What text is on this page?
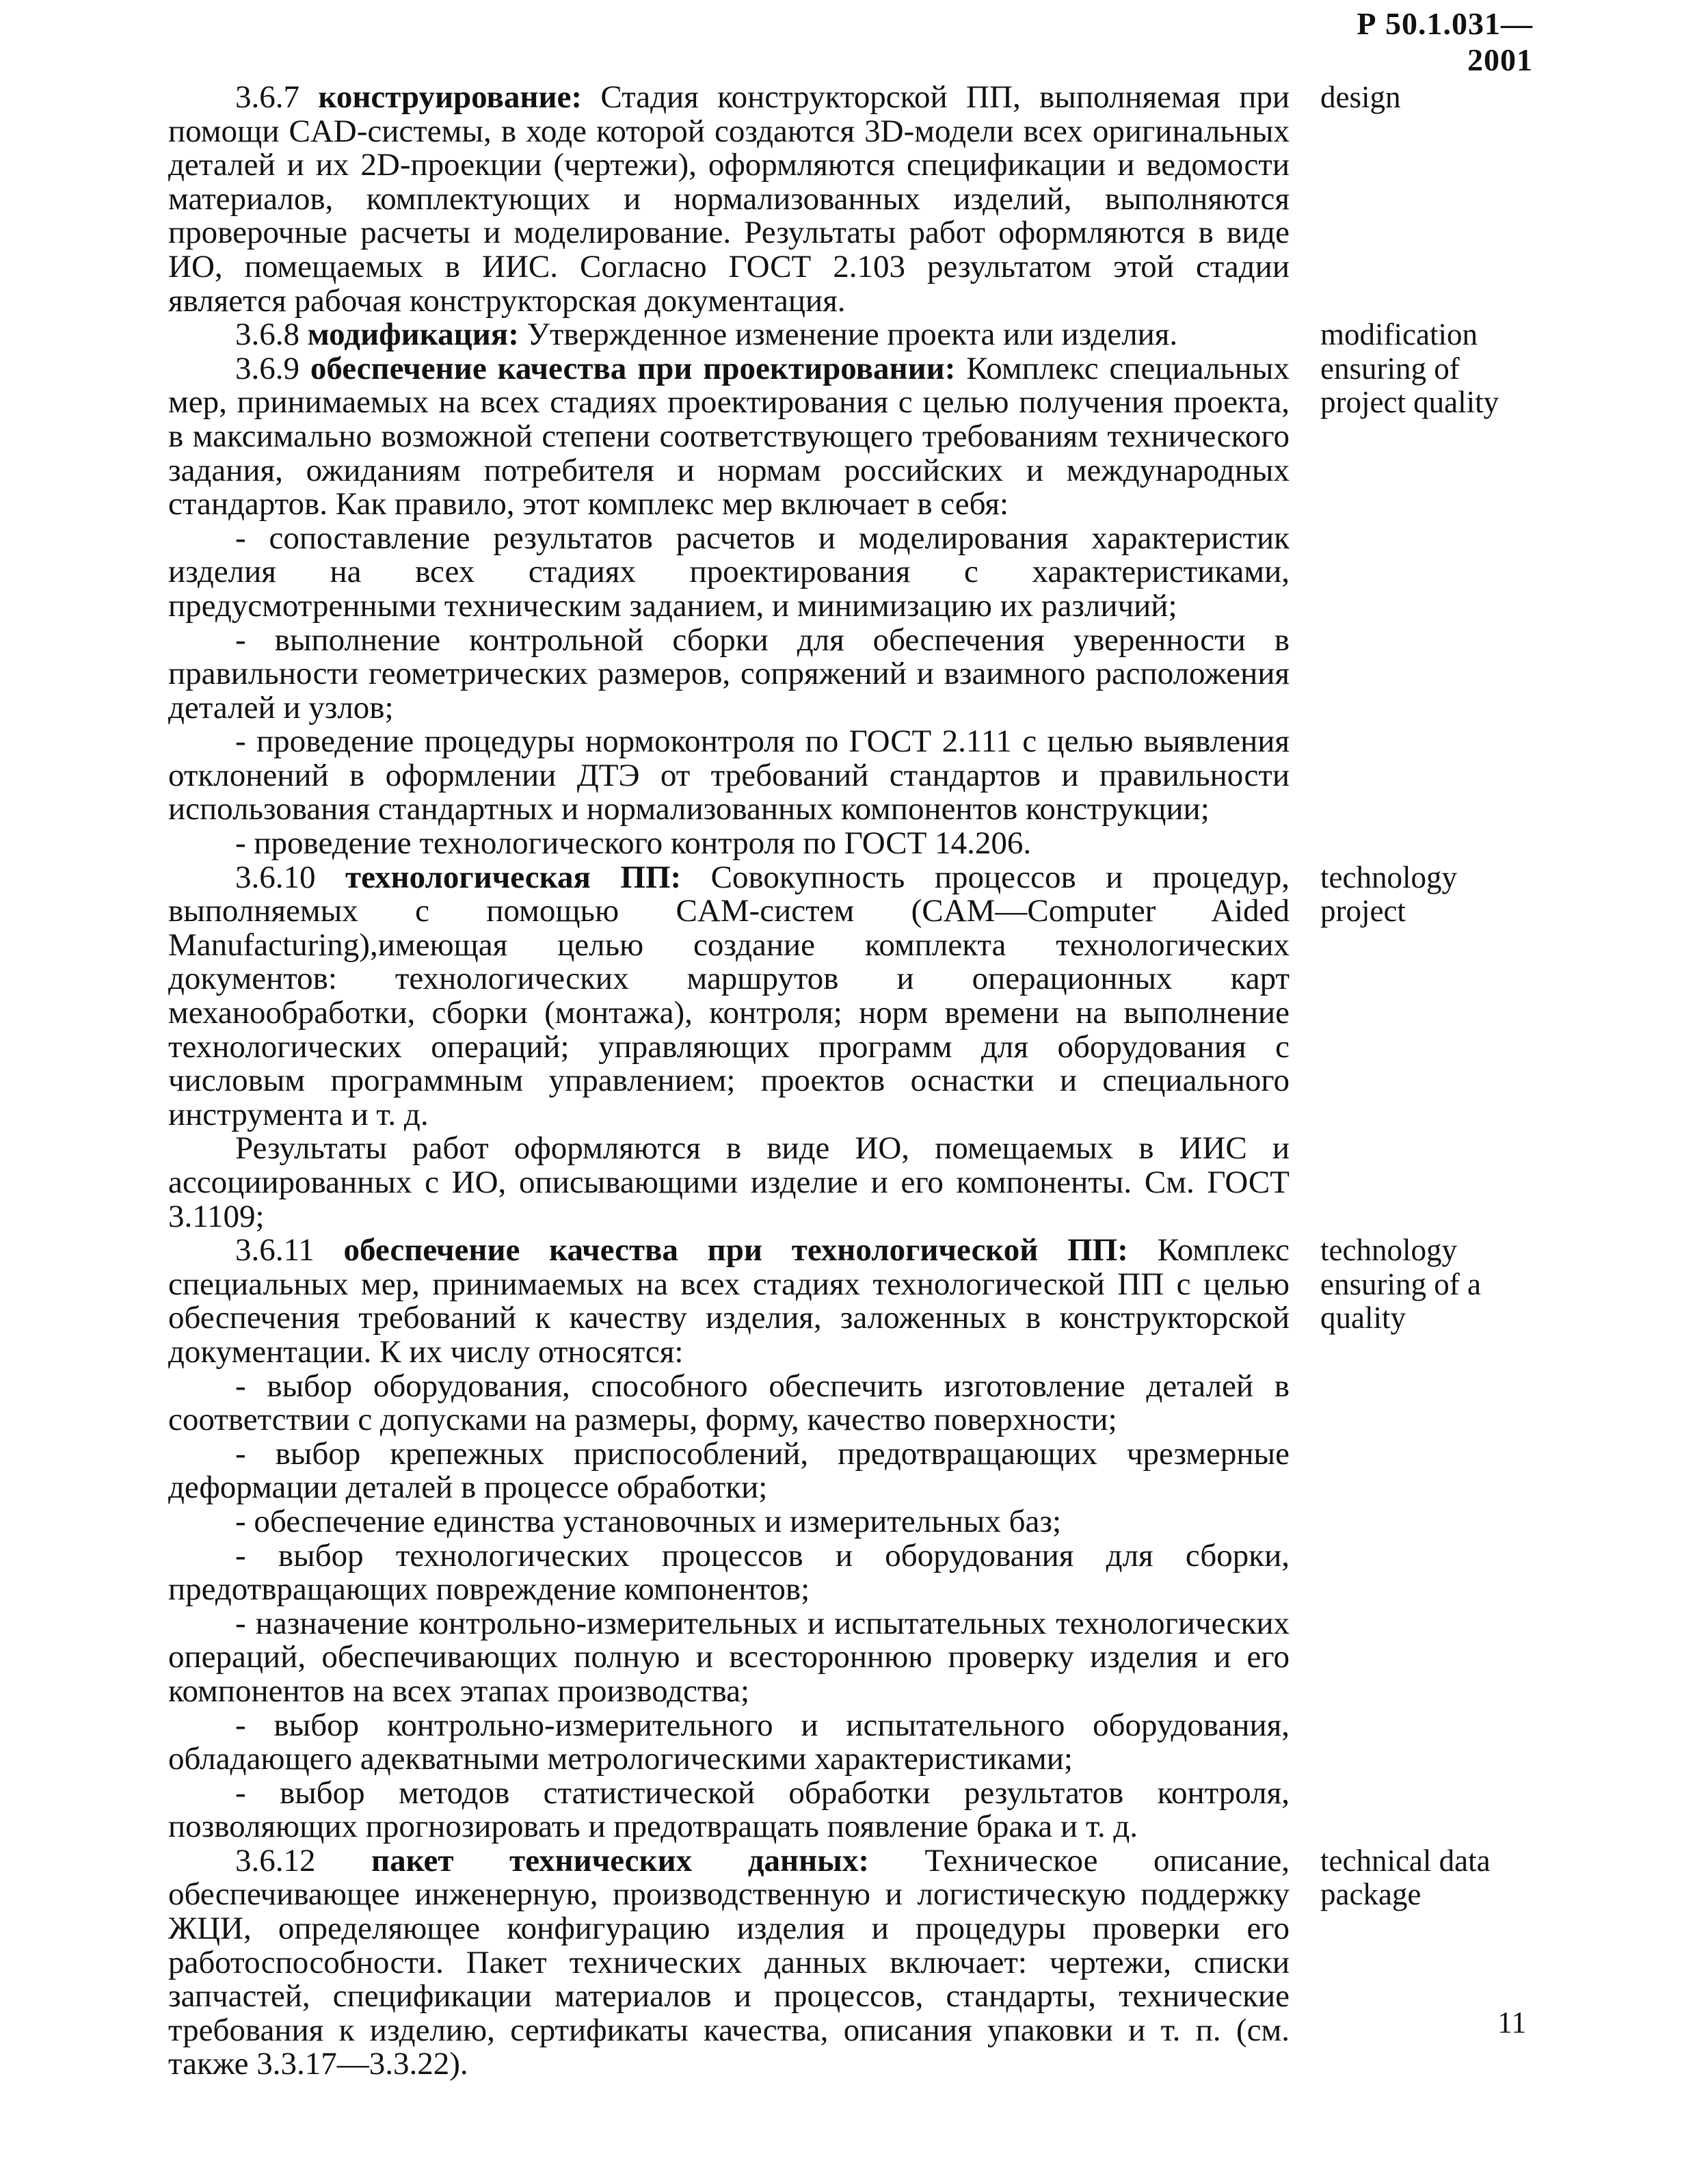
Р 50.1.031—2001

3.6.7 конструирование: Стадия конструкторской ПП, выполняемая при помощи CAD-системы, в ходе которой создаются 3D-модели всех оригинальных деталей и их 2D-проекции (чертежи), оформляются спецификации и ведомости материалов, комплектующих и нормализованных изделий, выполняются проверочные расчеты и моделирование. Результаты работ оформляются в виде ИО, помещаемых в ИИС. Согласно ГОСТ 2.103 результатом этой стадии является рабочая конструкторская документация.

design

3.6.8 модификация: Утвержденное изменение проекта или изделия.	modification

3.6.9 обеспечение качества при проектировании: Комплекс специальных мер, принимаемых на всех стадиях проектирования с целью получения проекта, в максимально возможной степени соответствующего требованиям технического задания, ожиданиям потребителя и нормам российских и международных стандартов. Как правило, этот комплекс мер включает в себя:

- сопоставление результатов расчетов и моделирования характеристик изделия на всех стадиях проектирования с характеристиками, предусмотренными техническим заданием, и минимизацию их различий;

- выполнение контрольной сборки для обеспечения уверенности в правильности геометрических размеров, сопряжений и взаимного расположения деталей и узлов;

- проведение процедуры нормоконтроля по ГОСТ 2.111 с целью выявления отклонений в оформлении ДТЭ от требований стандартов и правильности использования стандартных и нормализованных компонентов конструкции;

- проведение технологического контроля по ГОСТ 14.206.

ensuring of project quality

3.6.10 технологическая ПП: Совокупность процессов и процедур, выполняемых с помощью CAM-систем (CAM—Computer Aided Manufacturing),имеющая целью создание комплекта технологических документов: технологических маршрутов и операционных карт механообработки, сборки (монтажа), контроля; норм времени на выполнение технологических операций; управляющих программ для оборудования с числовым программным управлением; проектов оснастки и специального инструмента и т. д.

Результаты работ оформляются в виде ИО, помещаемых в ИИС и ассоциированных с ИО, описывающими изделие и его компоненты. См. ГОСТ 3.1109;

technology project

3.6.11 обеспечение качества при технологической ПП: Комплекс специальных мер, принимаемых на всех стадиях технологической ПП с целью обеспечения требований к качеству изделия, заложенных в конструкторской документации. К их числу относятся:

- выбор оборудования, способного обеспечить изготовление деталей в соответствии с допусками на размеры, форму, качество поверхности;

- выбор крепежных приспособлений, предотвращающих чрезмерные деформации деталей в процессе обработки;

- обеспечение единства установочных и измерительных баз;

- выбор технологических процессов и оборудования для сборки, предотвращающих повреждение компонентов;

- назначение контрольно-измерительных и испытательных технологических операций, обеспечивающих полную и всестороннюю проверку изделия и его компонентов на всех этапах производства;

- выбор контрольно-измерительного и испытательного оборудования, обладающего адекватными метрологическими характеристиками;

- выбор методов статистической обработки результатов контроля, позволяющих прогнозировать и предотвращать появление брака и т. д.

technology ensuring of a quality

3.6.12 пакет технических данных: Техническое описание, обеспечивающее инженерную, производственную и логистическую поддержку ЖЦИ, определяющее конфигурацию изделия и процедуры проверки его работоспособности. Пакет технических данных включает: чертежи, списки запчастей, спецификации материалов и процессов, стандарты, технические требования к изделию, сертификаты качества, описания упаковки и т. п. (см. также 3.3.17—3.3.22).

technical data package
11
